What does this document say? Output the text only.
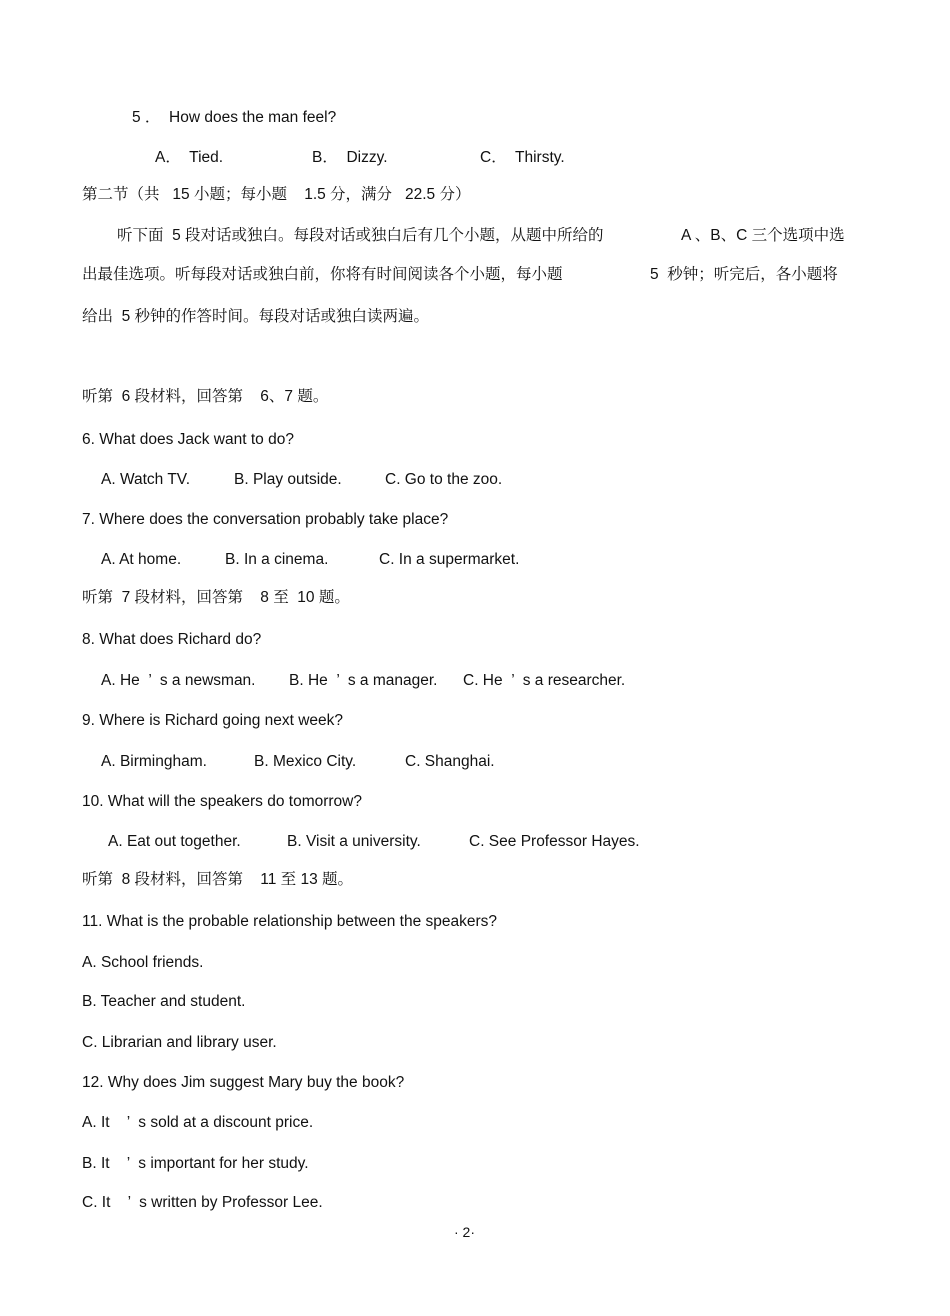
5 ．  How does the man feel?
A．  Tied.	B．  Dizzy.	C．  Thirsty.
第二节（共   15 小题；每小题    1.5 分，满分   22.5 分）
听下面  5 段对话或独白。每段对话或独白后有几个小题，从题中所给的	A 、B、C 三个选项中选
出最佳选项。听每段对话或独白前，你将有时间阅读各个小题，每小题	5  秒钟；听完后，各小题将
给出  5 秒钟的作答时间。每段对话或独白读两遍。
听第  6 段材料，回答第    6、7 题。
6. What does Jack want to do?
A. Watch TV.	B. Play outside.	C. Go to the zoo.
7. Where does the conversation probably take place?
A. At home.	B. In a cinema.	C. In a supermarket.
听第  7 段材料，回答第    8 至  10 题。
8. What does Richard do?
A. He  ’  s a newsman. B. He  ’  s a manager. C. He  ’  s a researcher.
9. Where is Richard going next week?
A. Birmingham.	B. Mexico City.	C. Shanghai.
10. What will the speakers do tomorrow?
A. Eat out together.	B. Visit a university.	C. See Professor Hayes.
听第  8 段材料，回答第    11 至 13 题。
11. What is the probable relationship between the speakers?
A. School friends.
B. Teacher and student.
C. Librarian and library user.
12. Why does Jim suggest Mary buy the book?
A. It    ’  s sold at a discount price.
B. It    ’  s important for her study.
C. It    ’  s written by Professor Lee.
· 2·
